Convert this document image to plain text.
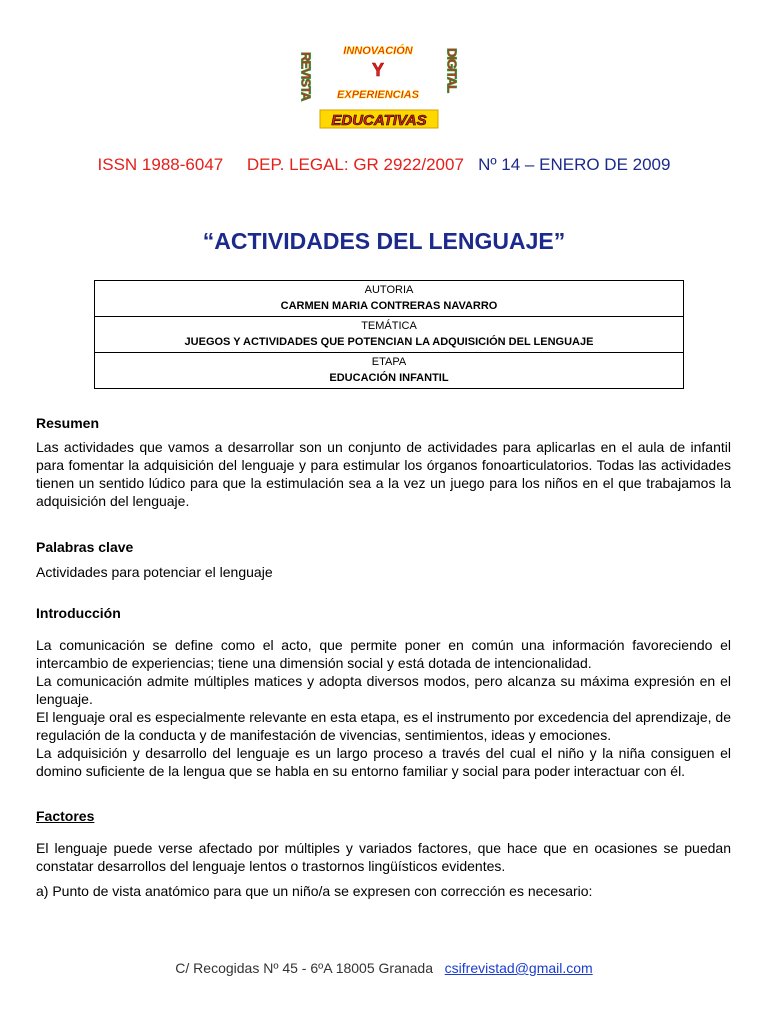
REVISTA	DIGITAL
INNOVACIÓN
Y
EXPERIENCIAS
EDUCATIVAS
ISSN 1988-6047 DEP. LEGAL: GR 2922/2007 Nº 14 – ENERO DE 2009
“ACTIVIDADES DEL LENGUAJE”
AUTORIA
CARMEN MARIA CONTRERAS NAVARRO

TEMÁTICA
JUEGOS Y ACTIVIDADES QUE POTENCIAN LA ADQUISICIÓN DEL LENGUAJE

ETAPA
EDUCACIÓN INFANTIL
Resumen

Las actividades que vamos a desarrollar son un conjunto de actividades para aplicarlas en el aula de infantil para fomentar la adquisición del lenguaje y para estimular los órganos fonoarticulatorios. Todas las actividades tienen un sentido lúdico para que la estimulación sea a la vez un juego para los niños en el que trabajamos la adquisición del lenguaje.

Palabras clave

Actividades para potenciar el lenguaje

Introducción

La comunicación se define como el acto, que permite poner en común una información favoreciendo el intercambio de experiencias; tiene una dimensión social y está dotada de intencionalidad.

La comunicación admite múltiples matices y adopta diversos modos, pero alcanza su máxima expresión en el lenguaje.

El lenguaje oral es especialmente relevante en esta etapa, es el instrumento por excedencia del aprendizaje, de regulación de la conducta y de manifestación de vivencias, sentimientos, ideas y emociones.

La adquisición y desarrollo del lenguaje es un largo proceso a través del cual el niño y la niña consiguen el domino suficiente de la lengua que se habla en su entorno familiar y social para poder interactuar con él.

Factores

El lenguaje puede verse afectado por múltiples y variados factores, que hace que en ocasiones se puedan constatar desarrollos del lenguaje lentos o trastornos lingüísticos evidentes.

a) Punto de vista anatómico para que un niño/a se expresen con corrección es necesario:

C/ Recogidas Nº 45 - 6ºA 18005 Granada csifrevistad@gmail.com
